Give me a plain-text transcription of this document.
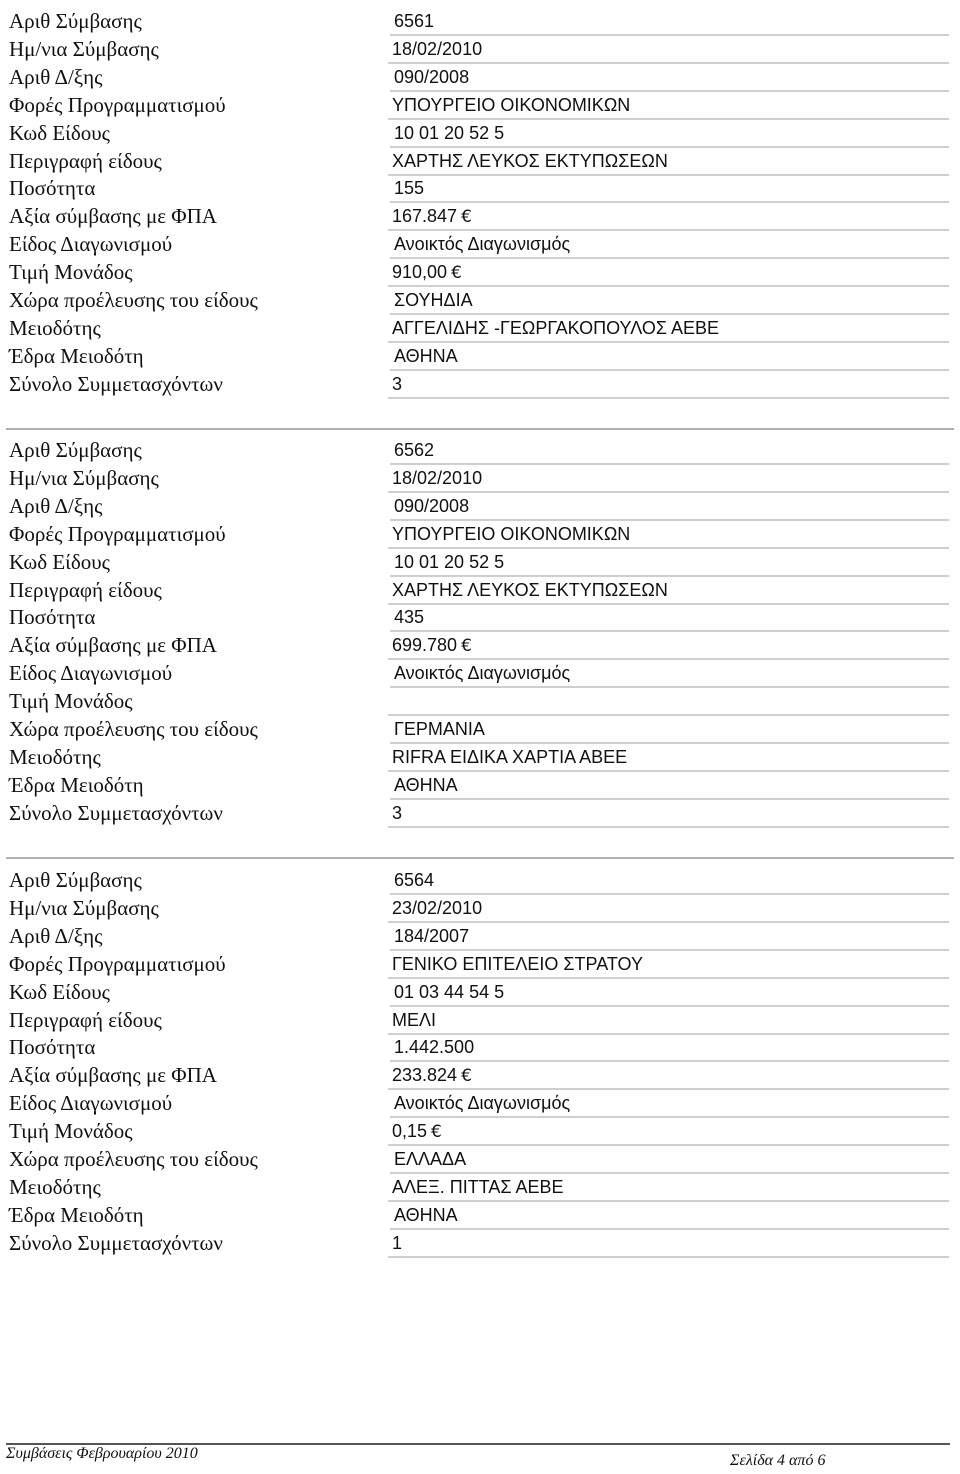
Αριθ Σύμβασης	6561
Ημ/νια Σύμβασης	18/02/2010
Αριθ Δ/ξης	090/2008
Φορές Προγραμματισμού	ΥΠΟΥΡΓΕΙΟ ΟΙΚΟΝΟΜΙΚΩΝ
Κωδ Είδους	10 01 20 52 5
Περιγραφή είδους	ΧΑΡΤΗΣ ΛΕΥΚΟΣ ΕΚΤΥΠΩΣΕΩΝ
Ποσότητα	155
Αξία σύμβασης με ΦΠΑ	167.847 €
Είδος Διαγωνισμού	Ανοικτός Διαγωνισμός
Τιμή Μονάδος	910,00 €
Χώρα προέλευσης του είδους	ΣΟΥΗΔΙΑ
Μειοδότης	ΑΓΓΕΛΙΔΗΣ -ΓΕΩΡΓΑΚΟΠΟΥΛΟΣ ΑΕΒΕ
Έδρα Μειοδότη	ΑΘΗΝΑ
Σύνολο Συμμετασχόντων	3
Αριθ Σύμβασης	6562
Ημ/νια Σύμβασης	18/02/2010
Αριθ Δ/ξης	090/2008
Φορές Προγραμματισμού	ΥΠΟΥΡΓΕΙΟ ΟΙΚΟΝΟΜΙΚΩΝ
Κωδ Είδους	10 01 20 52 5
Περιγραφή είδους	ΧΑΡΤΗΣ ΛΕΥΚΟΣ ΕΚΤΥΠΩΣΕΩΝ
Ποσότητα	435
Αξία σύμβασης με ΦΠΑ	699.780 €
Είδος Διαγωνισμού	Ανοικτός Διαγωνισμός
Τιμή Μονάδος
Χώρα προέλευσης του είδους	ΓΕΡΜΑΝΙΑ
Μειοδότης	RIFRA ΕΙΔΙΚΑ ΧΑΡΤΙΑ ΑΒΕΕ
Έδρα Μειοδότη	ΑΘΗΝΑ
Σύνολο Συμμετασχόντων	3
Αριθ Σύμβασης	6564
Ημ/νια Σύμβασης	23/02/2010
Αριθ Δ/ξης	184/2007
Φορές Προγραμματισμού	ΓΕΝΙΚΟ ΕΠΙΤΕΛΕΙΟ ΣΤΡΑΤΟΥ
Κωδ Είδους	01 03 44 54 5
Περιγραφή είδους	ΜΕΛΙ
Ποσότητα	1.442.500
Αξία σύμβασης με ΦΠΑ	233.824 €
Είδος Διαγωνισμού	Ανοικτός Διαγωνισμός
Τιμή Μονάδος	0,15 €
Χώρα προέλευσης του είδους	ΕΛΛΑΔΑ
Μειοδότης	ΑΛΕΞ. ΠΙΤΤΑΣ ΑΕΒΕ
Έδρα Μειοδότη	ΑΘΗΝΑ
Σύνολο Συμμετασχόντων	1
Συμβάσεις Φεβρουαρίου 2010	Σελίδα 4 από 6
